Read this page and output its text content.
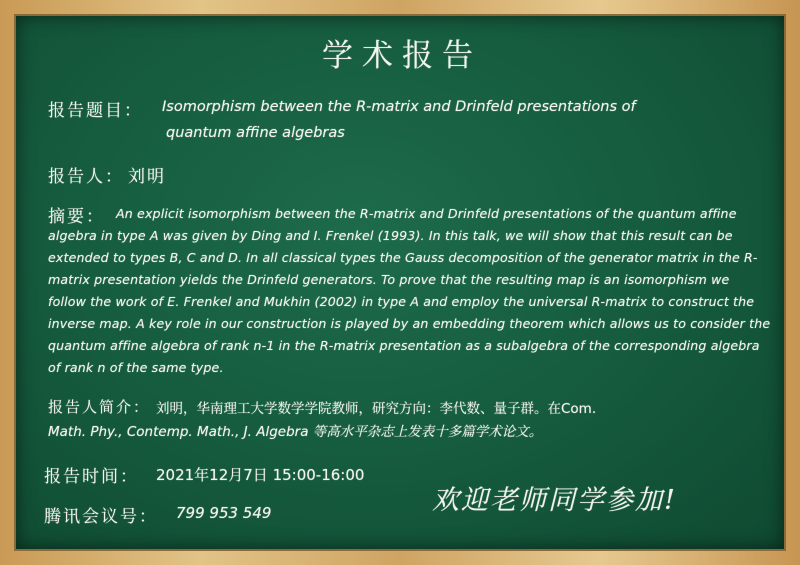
学术报告
报告题目： Isomorphism between the R-matrix and Drinfeld presentations of
quantum affine algebras
报告人： 刘明
摘要： An explicit isomorphism between the R-matrix and Drinfeld presentations of the quantum affine
algebra in type A was given by Ding and I. Frenkel (1993). In this talk, we will show that this result can be
extended to types B, C and D. In all classical types the Gauss decomposition of the generator matrix in the R-
matrix presentation yields the Drinfeld generators. To prove that the resulting map is an isomorphism we
follow the work of E. Frenkel and Mukhin (2002) in type A and employ the universal R-matrix to construct the
inverse map. A key role in our construction is played by an embedding theorem which allows us to consider the
quantum affine algebra of rank n-1 in the R-matrix presentation as a subalgebra of the corresponding algebra
of rank n of the same type.
报告人简介： 刘明，华南理工大学数学学院教师，研究方向：李代数、量子群。在Com.
Math. Phy., Contemp. Math., J. Algebra 等高水平杂志上发表十多篇学术论文。
报告时间： 2021年12月7日 15:00-16:00
腾讯会议号： 799 953 549	欢迎老师同学参加!
